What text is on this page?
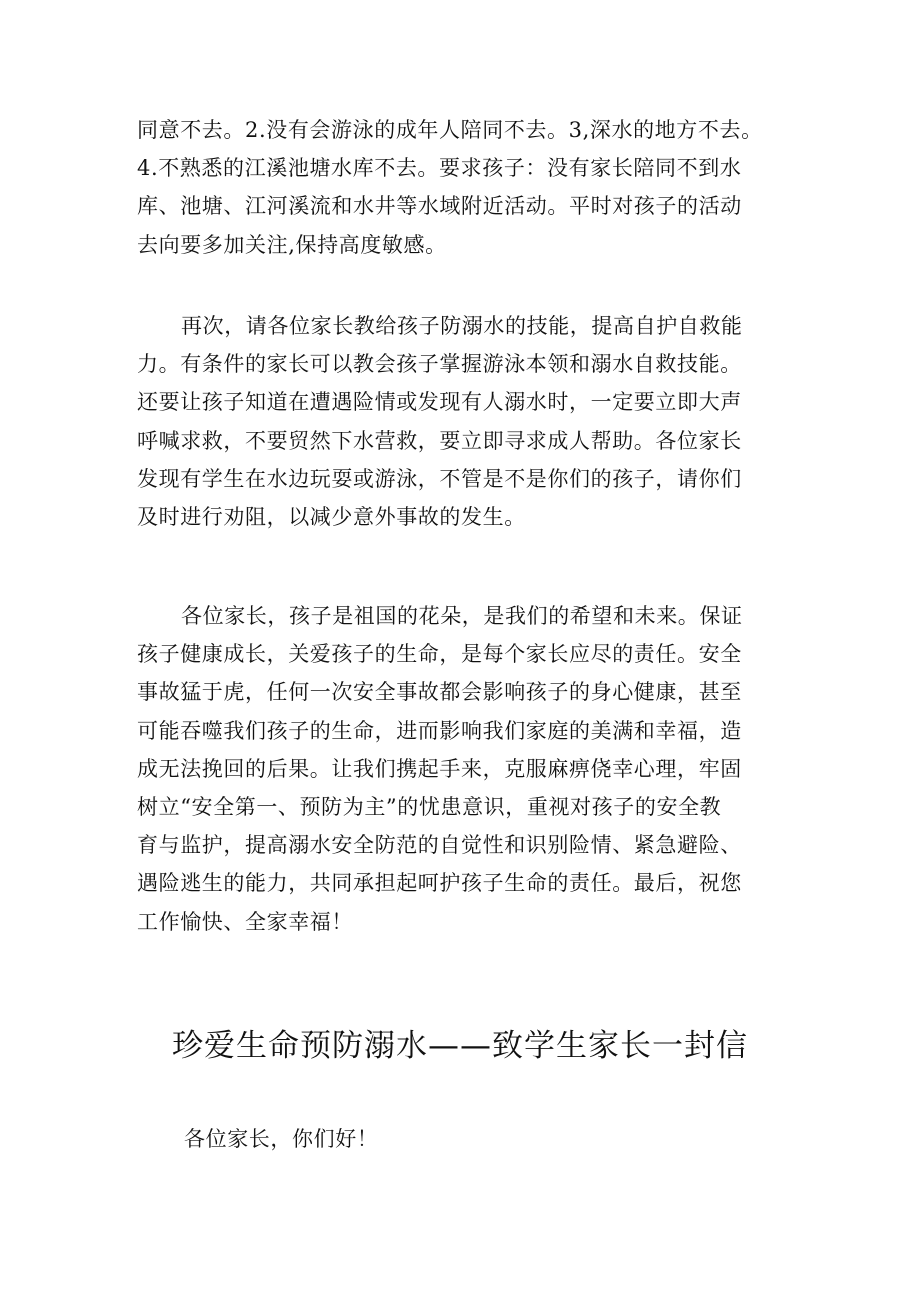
同意不去。2.没有会游泳的成年人陪同不去。3,深水的地方不去。
4.不熟悉的江溪池塘水库不去。要求孩子：没有家长陪同不到水
库、池塘、江河溪流和水井等水域附近活动。平时对孩子的活动
去向要多加关注,保持高度敏感。
再次，请各位家长教给孩子防溺水的技能，提高自护自救能
力。有条件的家长可以教会孩子掌握游泳本领和溺水自救技能。
还要让孩子知道在遭遇险情或发现有人溺水时，一定要立即大声
呼喊求救，不要贸然下水营救，要立即寻求成人帮助。各位家长
发现有学生在水边玩耍或游泳，不管是不是你们的孩子，请你们
及时进行劝阻，以减少意外事故的发生。
各位家长，孩子是祖国的花朵，是我们的希望和未来。保证
孩子健康成长，关爱孩子的生命，是每个家长应尽的责任。安全
事故猛于虎，任何一次安全事故都会影响孩子的身心健康，甚至
可能吞噬我们孩子的生命，进而影响我们家庭的美满和幸福，造
成无法挽回的后果。让我们携起手来，克服麻痹侥幸心理，牢固
树立“安全第一、预防为主”的忧患意识，重视对孩子的安全教
育与监护，提高溺水安全防范的自觉性和识别险情、紧急避险、
遇险逃生的能力，共同承担起呵护孩子生命的责任。最后，祝您
工作愉快、全家幸福！
珍爱生命预防溺水——致学生家长一封信

各位家长，你们好！
